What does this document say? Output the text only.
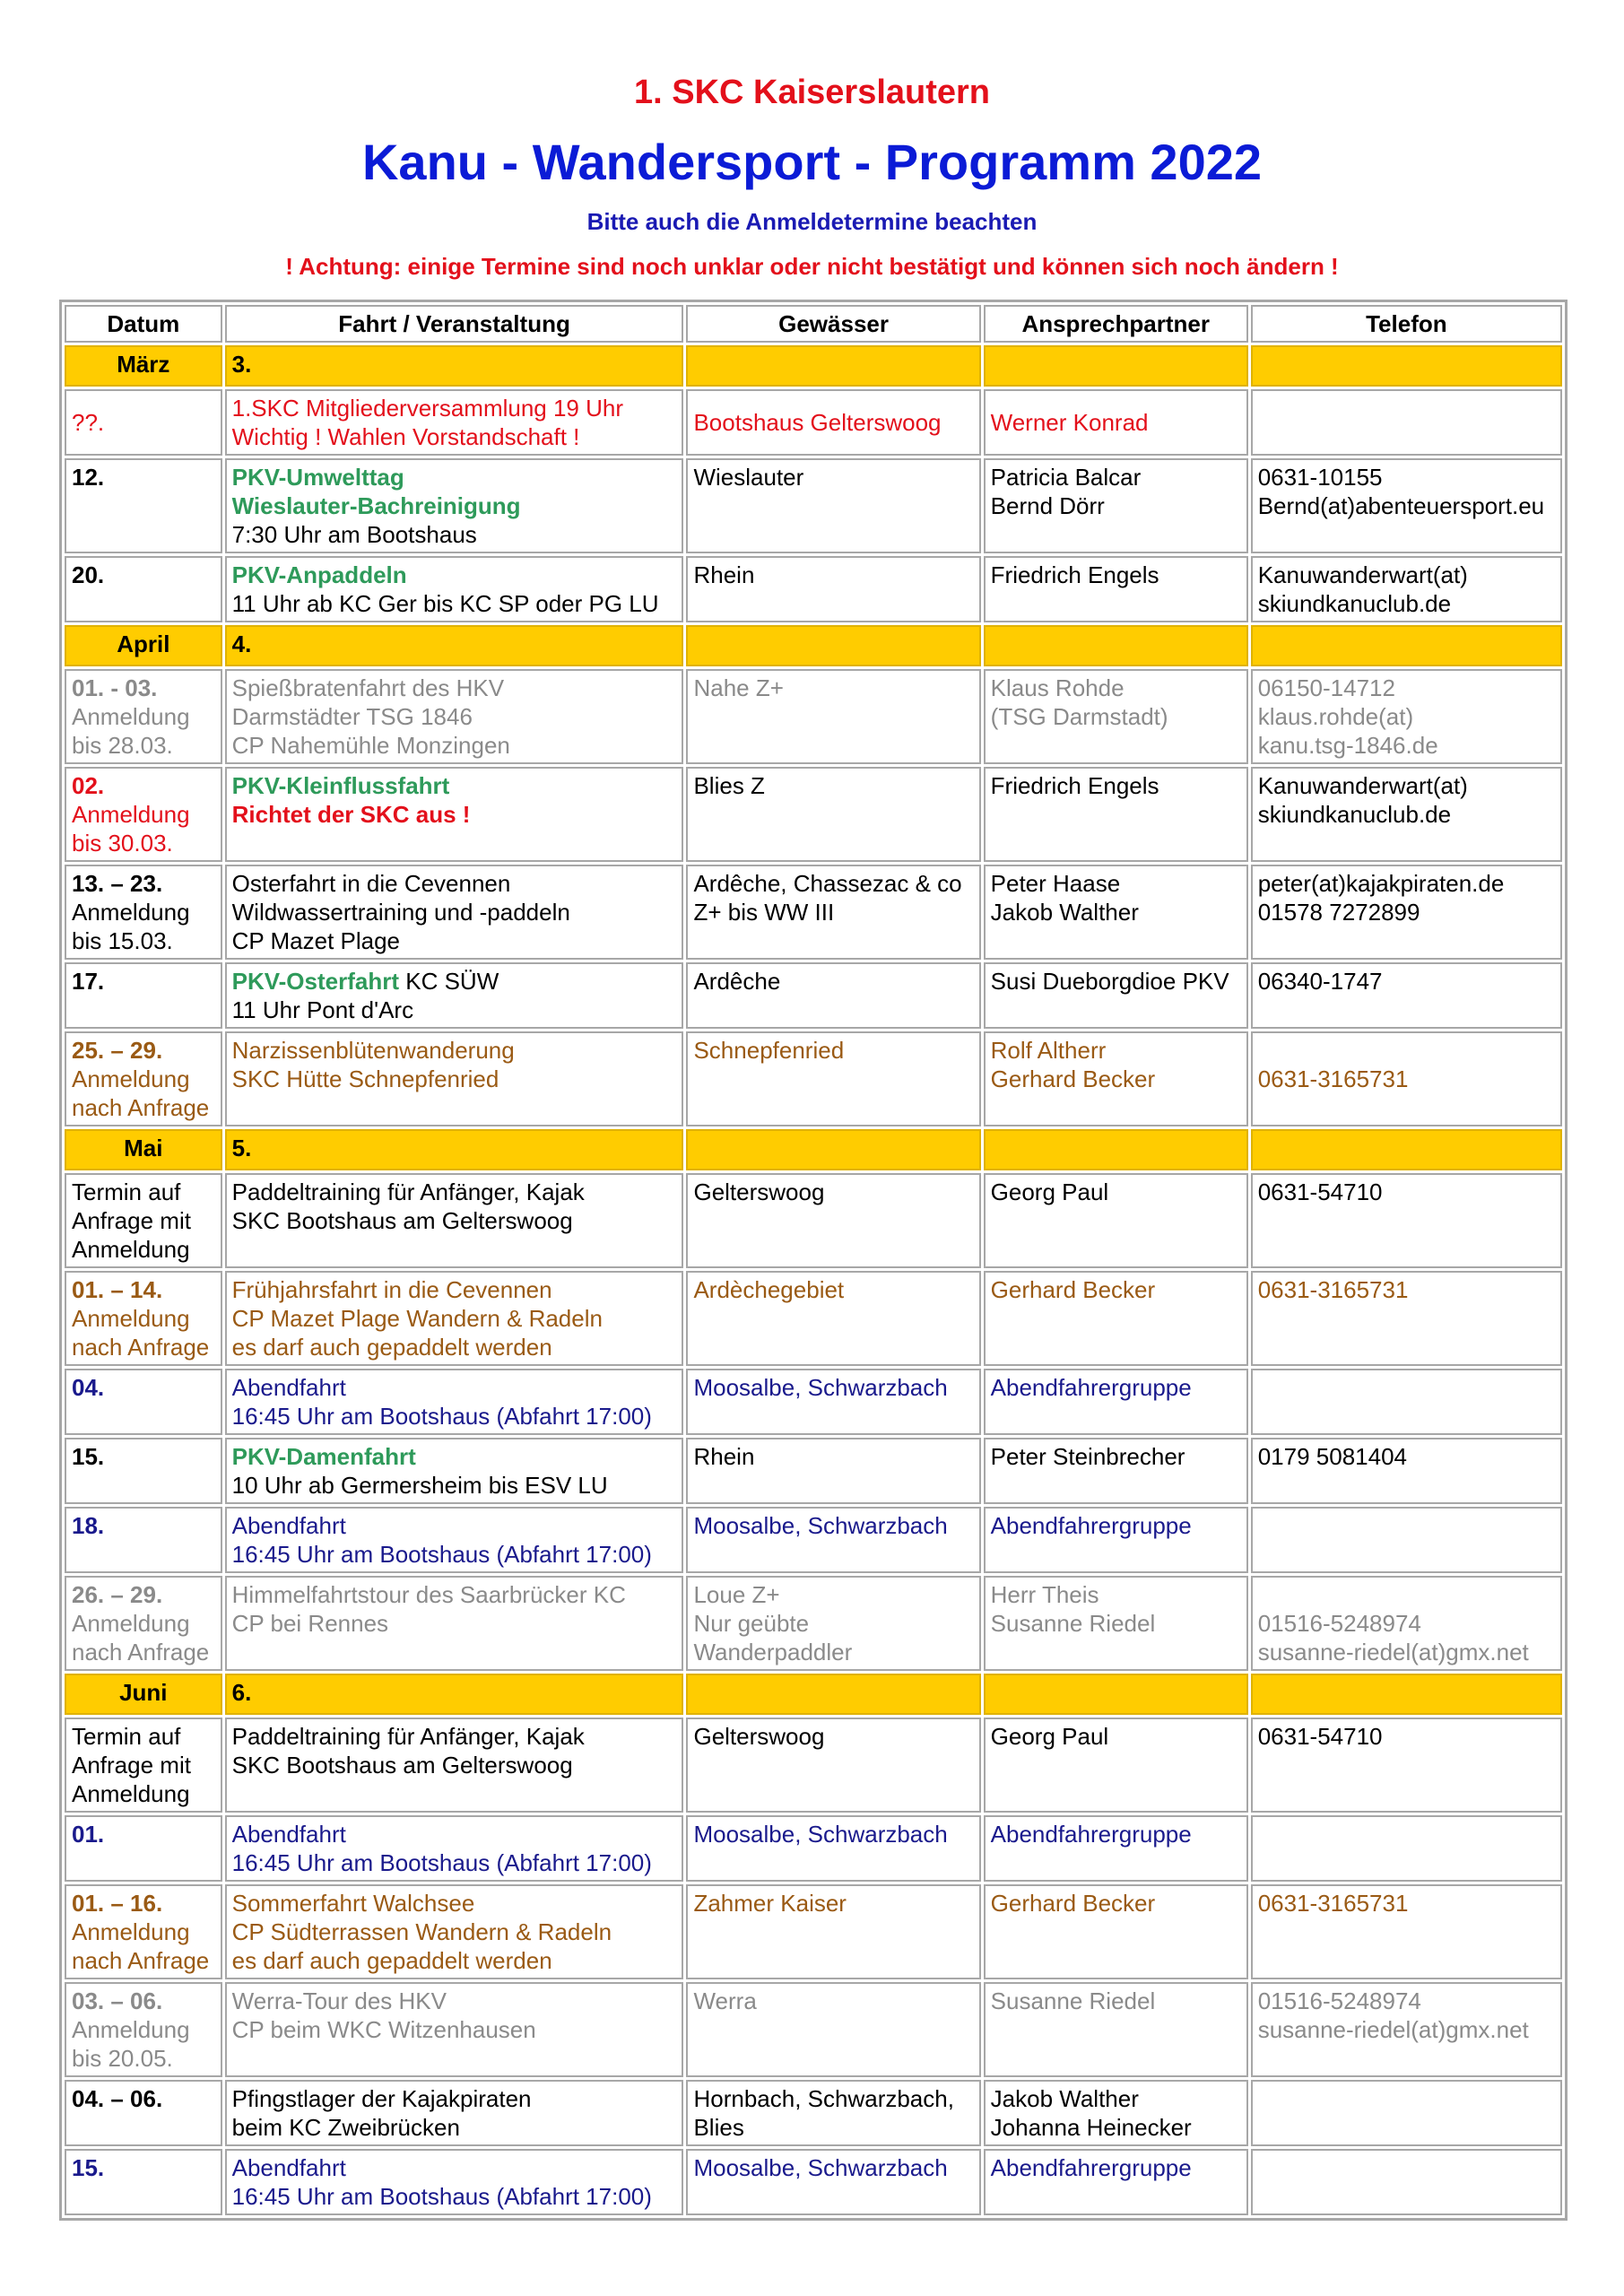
1. SKC Kaiserslautern
Kanu - Wandersport - Programm 2022
Bitte auch die Anmeldetermine beachten
! Achtung: einige Termine sind noch unklar oder nicht bestätigt und können sich noch ändern !
Datum	Fahrt / Veranstaltung	Gewässer	Ansprechpartner	Telefon
März	3.			

??.	1.SKC Mitgliederversammlung 19 Uhr
Wichtig ! Wahlen Vorstandschaft !	Bootshaus Gelterswoog	Werner Konrad	

12.	PKV-Umwelttag
Wieslauter-Bachreinigung
7:30 Uhr am Bootshaus	Wieslauter	Patricia Balcar
Bernd Dörr	0631-10155
Bernd(at)abenteuersport.eu

20.	PKV-Anpaddeln
11 Uhr ab KC Ger bis KC SP oder PG LU	Rhein	Friedrich Engels	Kanuwanderwart(at)
skiundkanuclub.de

April	4.			

01. - 03.
Anmeldung
bis 28.03.	Spießbratenfahrt des HKV
Darmstädter TSG 1846
CP Nahemühle Monzingen	Nahe Z+	Klaus Rohde
(TSG Darmstadt)	06150-14712
klaus.rohde(at)
kanu.tsg-1846.de

02.
Anmeldung
bis 30.03.	PKV-Kleinflussfahrt
Richtet der SKC aus !	Blies Z	Friedrich Engels	Kanuwanderwart(at)
skiundkanuclub.de

13. – 23.
Anmeldung
bis 15.03.	Osterfahrt in die Cevennen
Wildwassertraining und -paddeln
CP Mazet Plage	Ardêche, Chassezac & co
Z+ bis WW III	Peter Haase
Jakob Walther	peter(at)kajakpiraten.de
01578 7272899

17.	PKV-Osterfahrt KC SÜW
11 Uhr Pont d'Arc	Ardêche	Susi Dueborgdioe PKV	06340-1747

25. – 29.
Anmeldung
nach Anfrage	Narzissenblütenwanderung
SKC Hütte Schnepfenried	Schnepfenried	Rolf Altherr
Gerhard Becker	0631-3165731

Mai	5.			

Termin auf
Anfrage mit
Anmeldung	Paddeltraining für Anfänger, Kajak
SKC Bootshaus am Gelterswoog	Gelterswoog	Georg Paul	0631-54710

01. – 14.
Anmeldung
nach Anfrage	Frühjahrsfahrt in die Cevennen
CP Mazet Plage Wandern & Radeln
es darf auch gepaddelt werden	Ardèchegebiet	Gerhard Becker	0631-3165731

04.	Abendfahrt
16:45 Uhr am Bootshaus (Abfahrt 17:00)	Moosalbe, Schwarzbach	Abendfahrergruppe	

15.	PKV-Damenfahrt
10 Uhr ab Germersheim bis ESV LU	Rhein	Peter Steinbrecher	0179 5081404

18.	Abendfahrt
16:45 Uhr am Bootshaus (Abfahrt 17:00)	Moosalbe, Schwarzbach	Abendfahrergruppe	

26. – 29.
Anmeldung
nach Anfrage	Himmelfahrtstour des Saarbrücker KC
CP bei Rennes	Loue Z+
Nur geübte
Wanderpaddler	Herr Theis
Susanne Riedel	01516-5248974
susanne-riedel(at)gmx.net

Juni	6.			

Termin auf
Anfrage mit
Anmeldung	Paddeltraining für Anfänger, Kajak
SKC Bootshaus am Gelterswoog	Gelterswoog	Georg Paul	0631-54710

01.	Abendfahrt
16:45 Uhr am Bootshaus (Abfahrt 17:00)	Moosalbe, Schwarzbach	Abendfahrergruppe	

01. – 16.
Anmeldung
nach Anfrage	Sommerfahrt Walchsee
CP Südterrassen Wandern & Radeln
es darf auch gepaddelt werden	Zahmer Kaiser	Gerhard Becker	0631-3165731

03. – 06.
Anmeldung
bis 20.05.	Werra-Tour des HKV
CP beim WKC Witzenhausen	Werra	Susanne Riedel	01516-5248974
susanne-riedel(at)gmx.net

04. – 06.	Pfingstlager der Kajakpiraten
beim KC Zweibrücken	Hornbach, Schwarzbach,
Blies	Jakob Walther
Johanna Heinecker	

15.	Abendfahrt
16:45 Uhr am Bootshaus (Abfahrt 17:00)	Moosalbe, Schwarzbach	Abendfahrergruppe	
